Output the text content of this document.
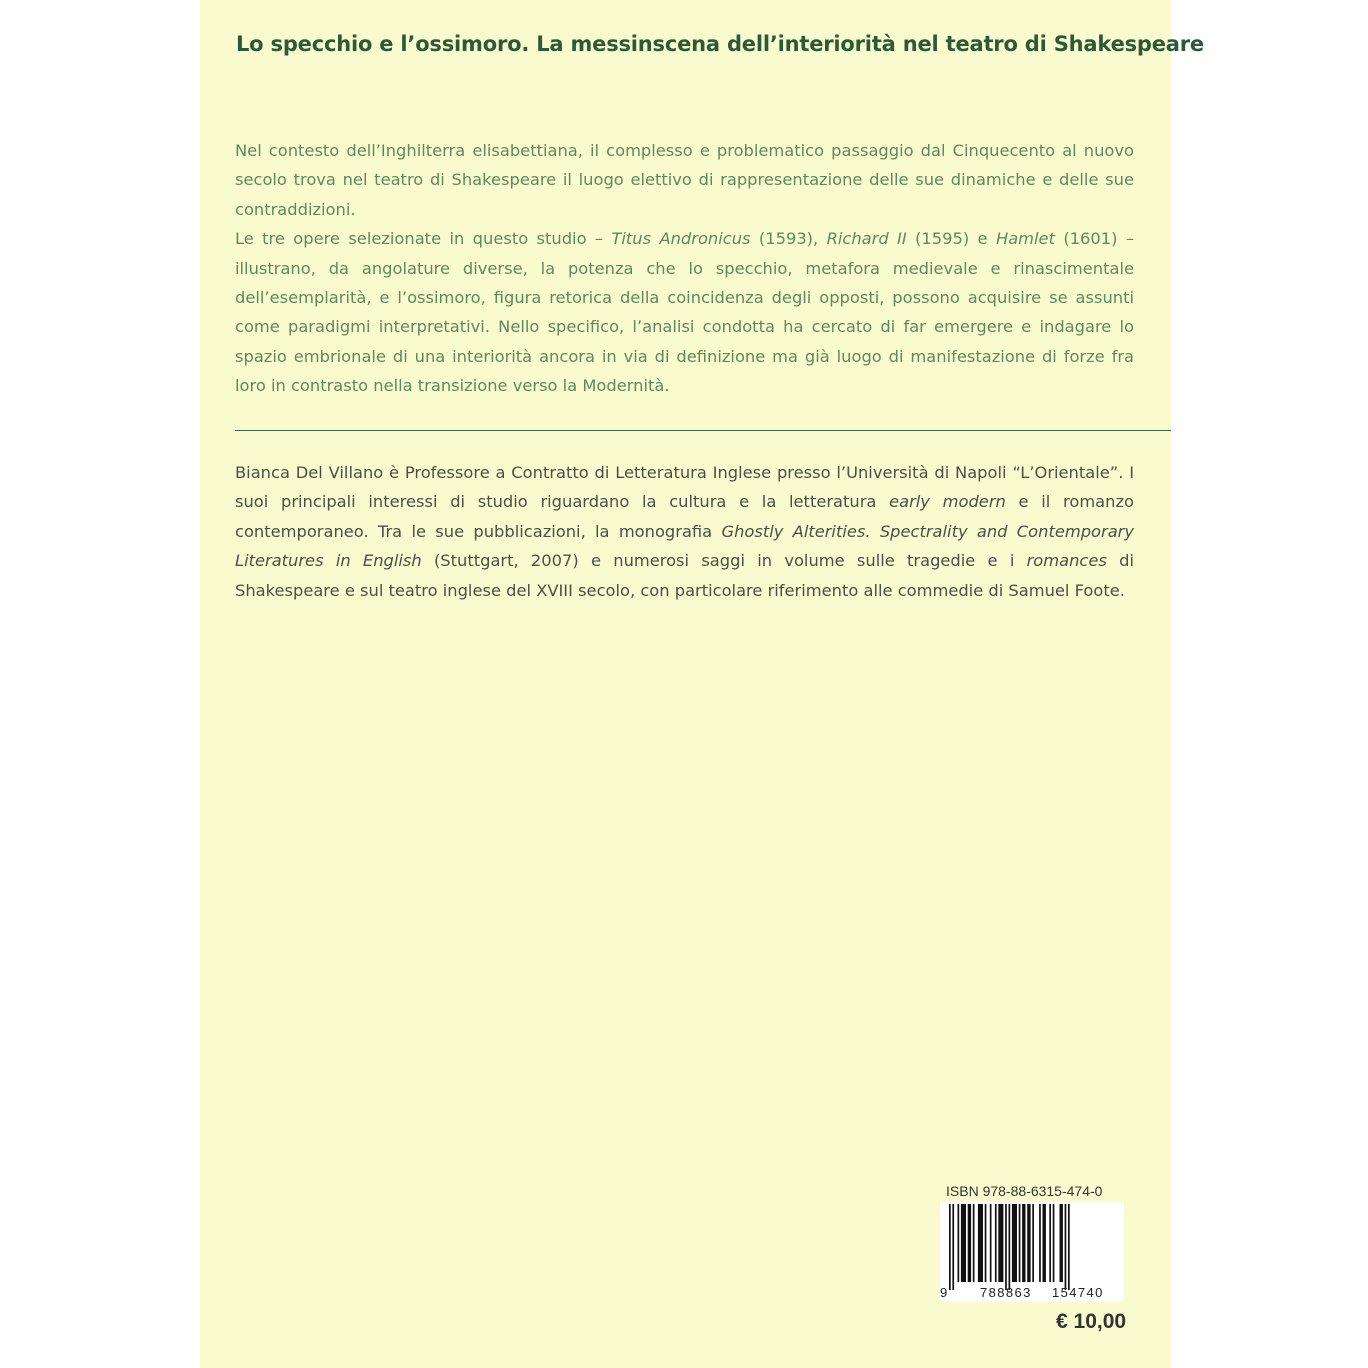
Lo specchio e l’ossimoro. La messinscena dell’interiorità nel teatro di Shakespeare

Nel contesto dell’Inghilterra elisabettiana, il complesso e problematico passaggio dal Cinquecento al nuovo secolo trova nel teatro di Shakespeare il luogo elettivo di rappresentazione delle sue dinamiche e delle sue contraddizioni.

Le tre opere selezionate in questo studio – Titus Andronicus (1593), Richard II (1595) e Hamlet (1601) – illustrano, da angolature diverse, la potenza che lo specchio, metafora medievale e rinascimentale dell’esemplarità, e l’ossimoro, figura retorica della coincidenza degli opposti, possono acquisire se assunti come paradigmi interpretativi. Nello specifico, l’analisi condotta ha cercato di far emergere e indagare lo spazio embrionale di una interiorità ancora in via di definizione ma già luogo di manifestazione di forze fra loro in contrasto nella transizione verso la Modernità.

Bianca Del Villano è Professore a Contratto di Letteratura Inglese presso l’Università di Napoli “L’Orientale”. I suoi principali interessi di studio riguardano la cultura e la letteratura early modern e il romanzo contemporaneo. Tra le sue pubblicazioni, la monografia Ghostly Alterities. Spectrality and Contemporary Literatures in English (Stuttgart, 2007) e numerosi saggi in volume sulle tragedie e i romances di Shakespeare e sul teatro inglese del XVIII secolo, con particolare riferimento alle commedie di Samuel Foote.

ISBN 978-88-6315-474-0
9	788863 154740
€ 10,00
